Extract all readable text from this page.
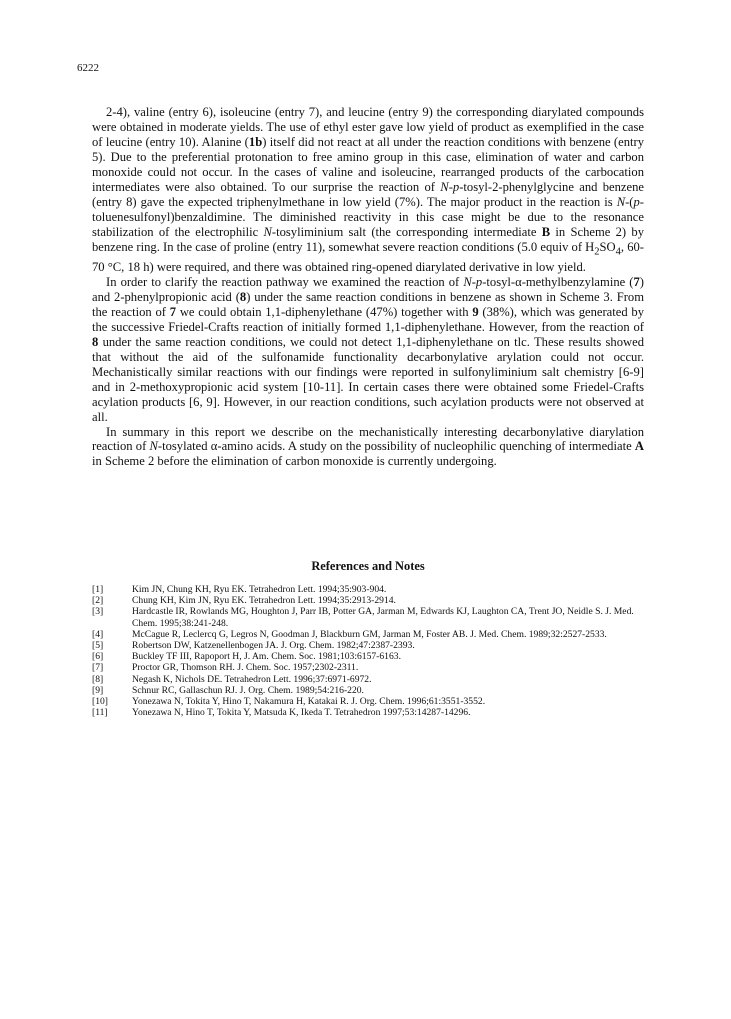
6222

2-4), valine (entry 6), isoleucine (entry 7), and leucine (entry 9) the corresponding diarylated compounds were obtained in moderate yields. The use of ethyl ester gave low yield of product as exemplified in the case of leucine (entry 10). Alanine (1b) itself did not react at all under the reaction conditions with benzene (entry 5). Due to the preferential protonation to free amino group in this case, elimination of water and carbon monoxide could not occur. In the cases of valine and isoleucine, rearranged products of the carbocation intermediates were also obtained. To our surprise the reaction of N-p-tosyl-2-phenylglycine and benzene (entry 8) gave the expected triphenylmethane in low yield (7%). The major product in the reaction is N-(p-toluenesulfonyl)benzaldimine. The diminished reactivity in this case might be due to the resonance stabilization of the electrophilic N-tosyliminium salt (the corresponding intermediate B in Scheme 2) by benzene ring. In the case of proline (entry 11), somewhat severe reaction conditions (5.0 equiv of $H_2SO_4$, 60-70 °C, 18 h) were required, and there was obtained ring-opened diarylated derivative in low yield.

In order to clarify the reaction pathway we examined the reaction of N-p-tosyl-α-methylbenzylamine (7) and 2-phenylpropionic acid (8) under the same reaction conditions in benzene as shown in Scheme 3. From the reaction of 7 we could obtain 1,1-diphenylethane (47%) together with 9 (38%), which was generated by the successive Friedel-Crafts reaction of initially formed 1,1-diphenylethane. However, from the reaction of 8 under the same reaction conditions, we could not detect 1,1-diphenylethane on tlc. These results showed that without the aid of the sulfonamide functionality decarbonylative arylation could not occur. Mechanistically similar reactions with our findings were reported in sulfonyliminium salt chemistry [6-9] and in 2-methoxypropionic acid system [10-11]. In certain cases there were obtained some Friedel-Crafts acylation products [6, 9]. However, in our reaction conditions, such acylation products were not observed at all.

In summary in this report we describe on the mechanistically interesting decarbonylative diarylation reaction of N-tosylated α-amino acids. A study on the possibility of nucleophilic quenching of intermediate A in Scheme 2 before the elimination of carbon monoxide is currently undergoing.

References and Notes
[1]	Kim JN, Chung KH, Ryu EK. Tetrahedron Lett. 1994;35:903-904.
[2]	Chung KH, Kim JN, Ryu EK. Tetrahedron Lett. 1994;35:2913-2914.
[3]	Hardcastle IR, Rowlands MG, Houghton J, Parr IB, Potter GA, Jarman M, Edwards KJ, Laughton CA, Trent JO, Neidle S. J. Med. Chem. 1995;38:241-248.
[4]	McCague R, Leclercq G, Legros N, Goodman J, Blackburn GM, Jarman M, Foster AB. J. Med. Chem. 1989;32:2527-2533.
[5]	Robertson DW, Katzenellenbogen JA. J. Org. Chem. 1982;47:2387-2393.
[6]	Buckley TF III, Rapoport H, J. Am. Chem. Soc. 1981;103:6157-6163.
[7]	Proctor GR, Thomson RH. J. Chem. Soc. 1957;2302-2311.
[8]	Negash K, Nichols DE. Tetrahedron Lett. 1996;37:6971-6972.
[9]	Schnur RC, Gallaschun RJ. J. Org. Chem. 1989;54:216-220.
[10]	Yonezawa N, Tokita Y, Hino T, Nakamura H, Katakai R. J. Org. Chem. 1996;61:3551-3552.
[11]	Yonezawa N, Hino T, Tokita Y, Matsuda K, Ikeda T. Tetrahedron 1997;53:14287-14296.
